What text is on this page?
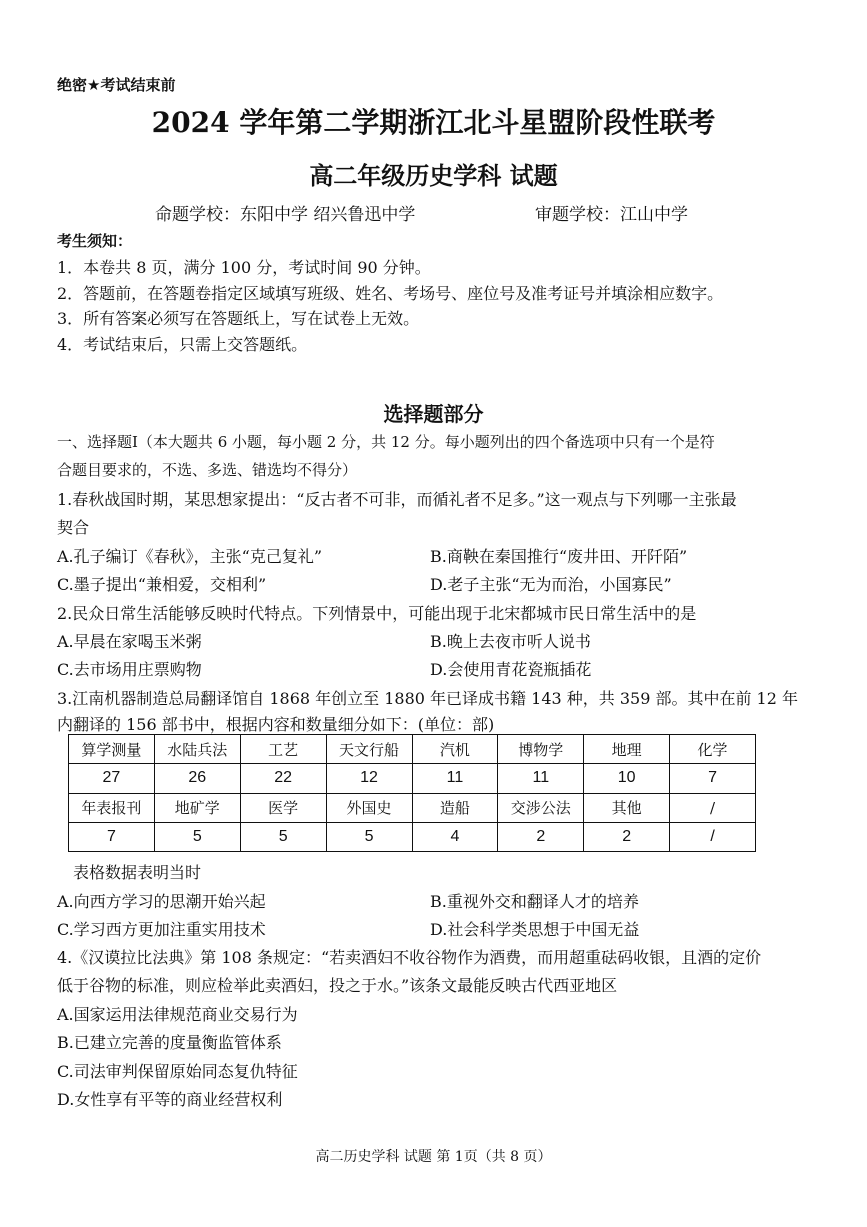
绝密★考试结束前
2024 学年第二学期浙江北斗星盟阶段性联考
高二年级历史学科 试题
命题学校：东阳中学 绍兴鲁迅中学	审题学校：江山中学
考生须知：
1．本卷共 8 页，满分 100 分，考试时间 90 分钟。
2．答题前，在答题卷指定区域填写班级、姓名、考场号、座位号及准考证号并填涂相应数字。
3．所有答案必须写在答题纸上，写在试卷上无效。
4．考试结束后，只需上交答题纸。
选择题部分
一、选择题Ⅰ（本大题共 6 小题，每小题 2 分，共 12 分。每小题列出的四个备选项中只有一个是符
合题目要求的，不选、多选、错选均不得分）
1.春秋战国时期，某思想家提出：“反古者不可非，而循礼者不足多。”这一观点与下列哪一主张最
契合
A.孔子编订《春秋》，主张“克己复礼”	B.商鞅在秦国推行“废井田、开阡陌”
C.墨子提出“兼相爱，交相利”	D.老子主张“无为而治，小国寡民”
2.民众日常生活能够反映时代特点。下列情景中，可能出现于北宋都城市民日常生活中的是
A.早晨在家喝玉米粥	B.晚上去夜市听人说书
C.去市场用庄票购物	D.会使用青花瓷瓶插花
3.江南机器制造总局翻译馆自 1868 年创立至 1880 年已译成书籍 143 种，共 359 部。其中在前 12 年
内翻译的 156 部书中，根据内容和数量细分如下：(单位：部)
算学测量	水陆兵法	工艺	天文行船	汽机	博物学	地理	化学
27	26	22	12	11	11	10	7
年表报刊	地矿学	医学	外国史	造船	交涉公法	其他	/
7	5	5	5	4	2	2	/
表格数据表明当时
A.向西方学习的思潮开始兴起	B.重视外交和翻译人才的培养
C.学习西方更加注重实用技术	D.社会科学类思想于中国无益
4.《汉谟拉比法典》第 108 条规定：“若卖酒妇不收谷物作为酒费，而用超重砝码收银，且酒的定价
低于谷物的标准，则应检举此卖酒妇，投之于水。”该条文最能反映古代西亚地区
A.国家运用法律规范商业交易行为
B.已建立完善的度量衡监管体系
C.司法审判保留原始同态复仇特征
D.女性享有平等的商业经营权利
高二历史学科 试题 第 1页（共 8 页）
